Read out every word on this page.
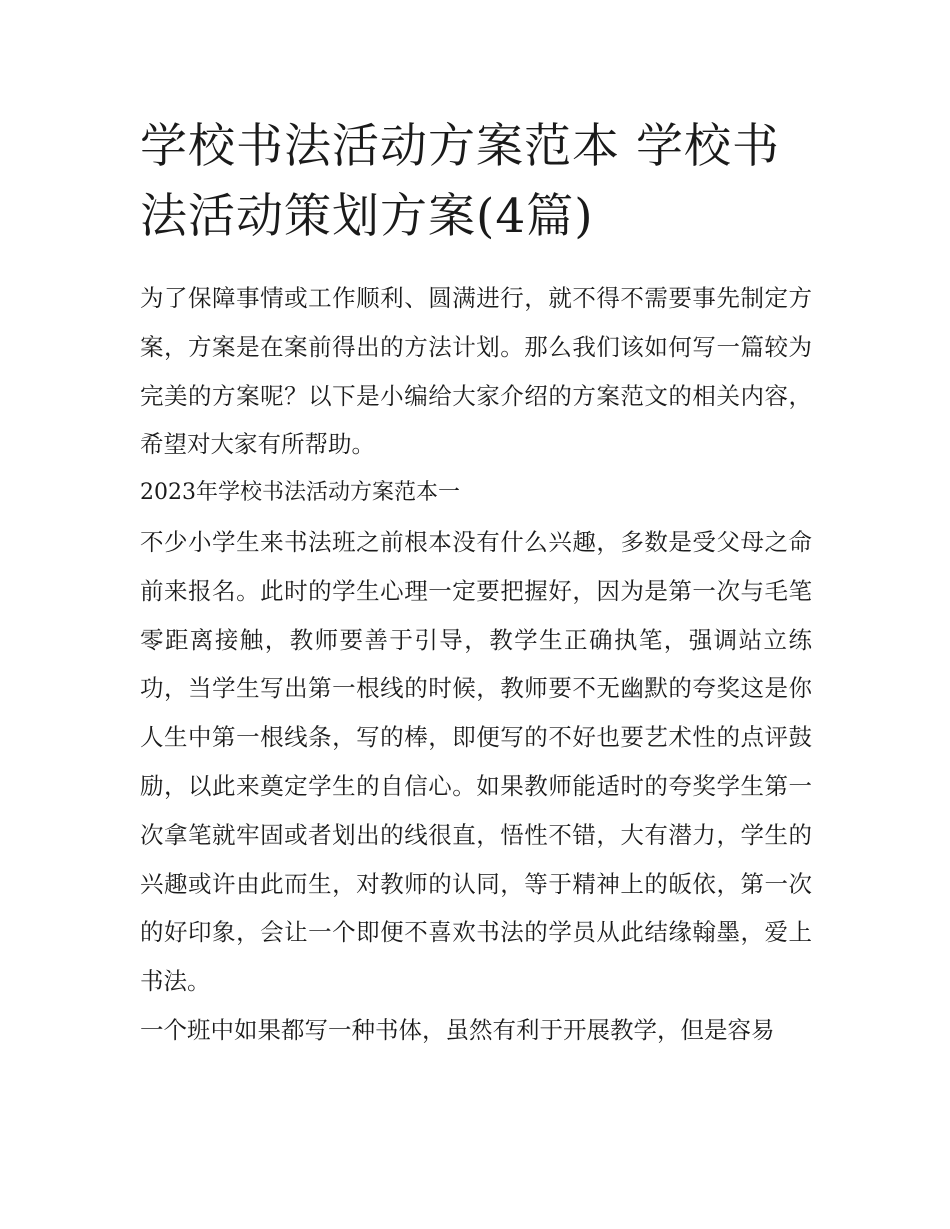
学校书法活动方案范本 学校书法活动策划方案(4篇)

为了保障事情或工作顺利、圆满进行，就不得不需要事先制定方案，方案是在案前得出的方法计划。那么我们该如何写一篇较为完美的方案呢？以下是小编给大家介绍的方案范文的相关内容，希望对大家有所帮助。

2023年学校书法活动方案范本一

不少小学生来书法班之前根本没有什么兴趣，多数是受父母之命前来报名。此时的学生心理一定要把握好，因为是第一次与毛笔零距离接触，教师要善于引导，教学生正确执笔，强调站立练功，当学生写出第一根线的时候，教师要不无幽默的夸奖这是你人生中第一根线条，写的棒，即便写的不好也要艺术性的点评鼓励，以此来奠定学生的自信心。如果教师能适时的夸奖学生第一次拿笔就牢固或者划出的线很直，悟性不错，大有潜力，学生的兴趣或许由此而生，对教师的认同，等于精神上的皈依，第一次的好印象，会让一个即便不喜欢书法的学员从此结缘翰墨，爱上书法。

一个班中如果都写一种书体，虽然有利于开展教学，但是容易
